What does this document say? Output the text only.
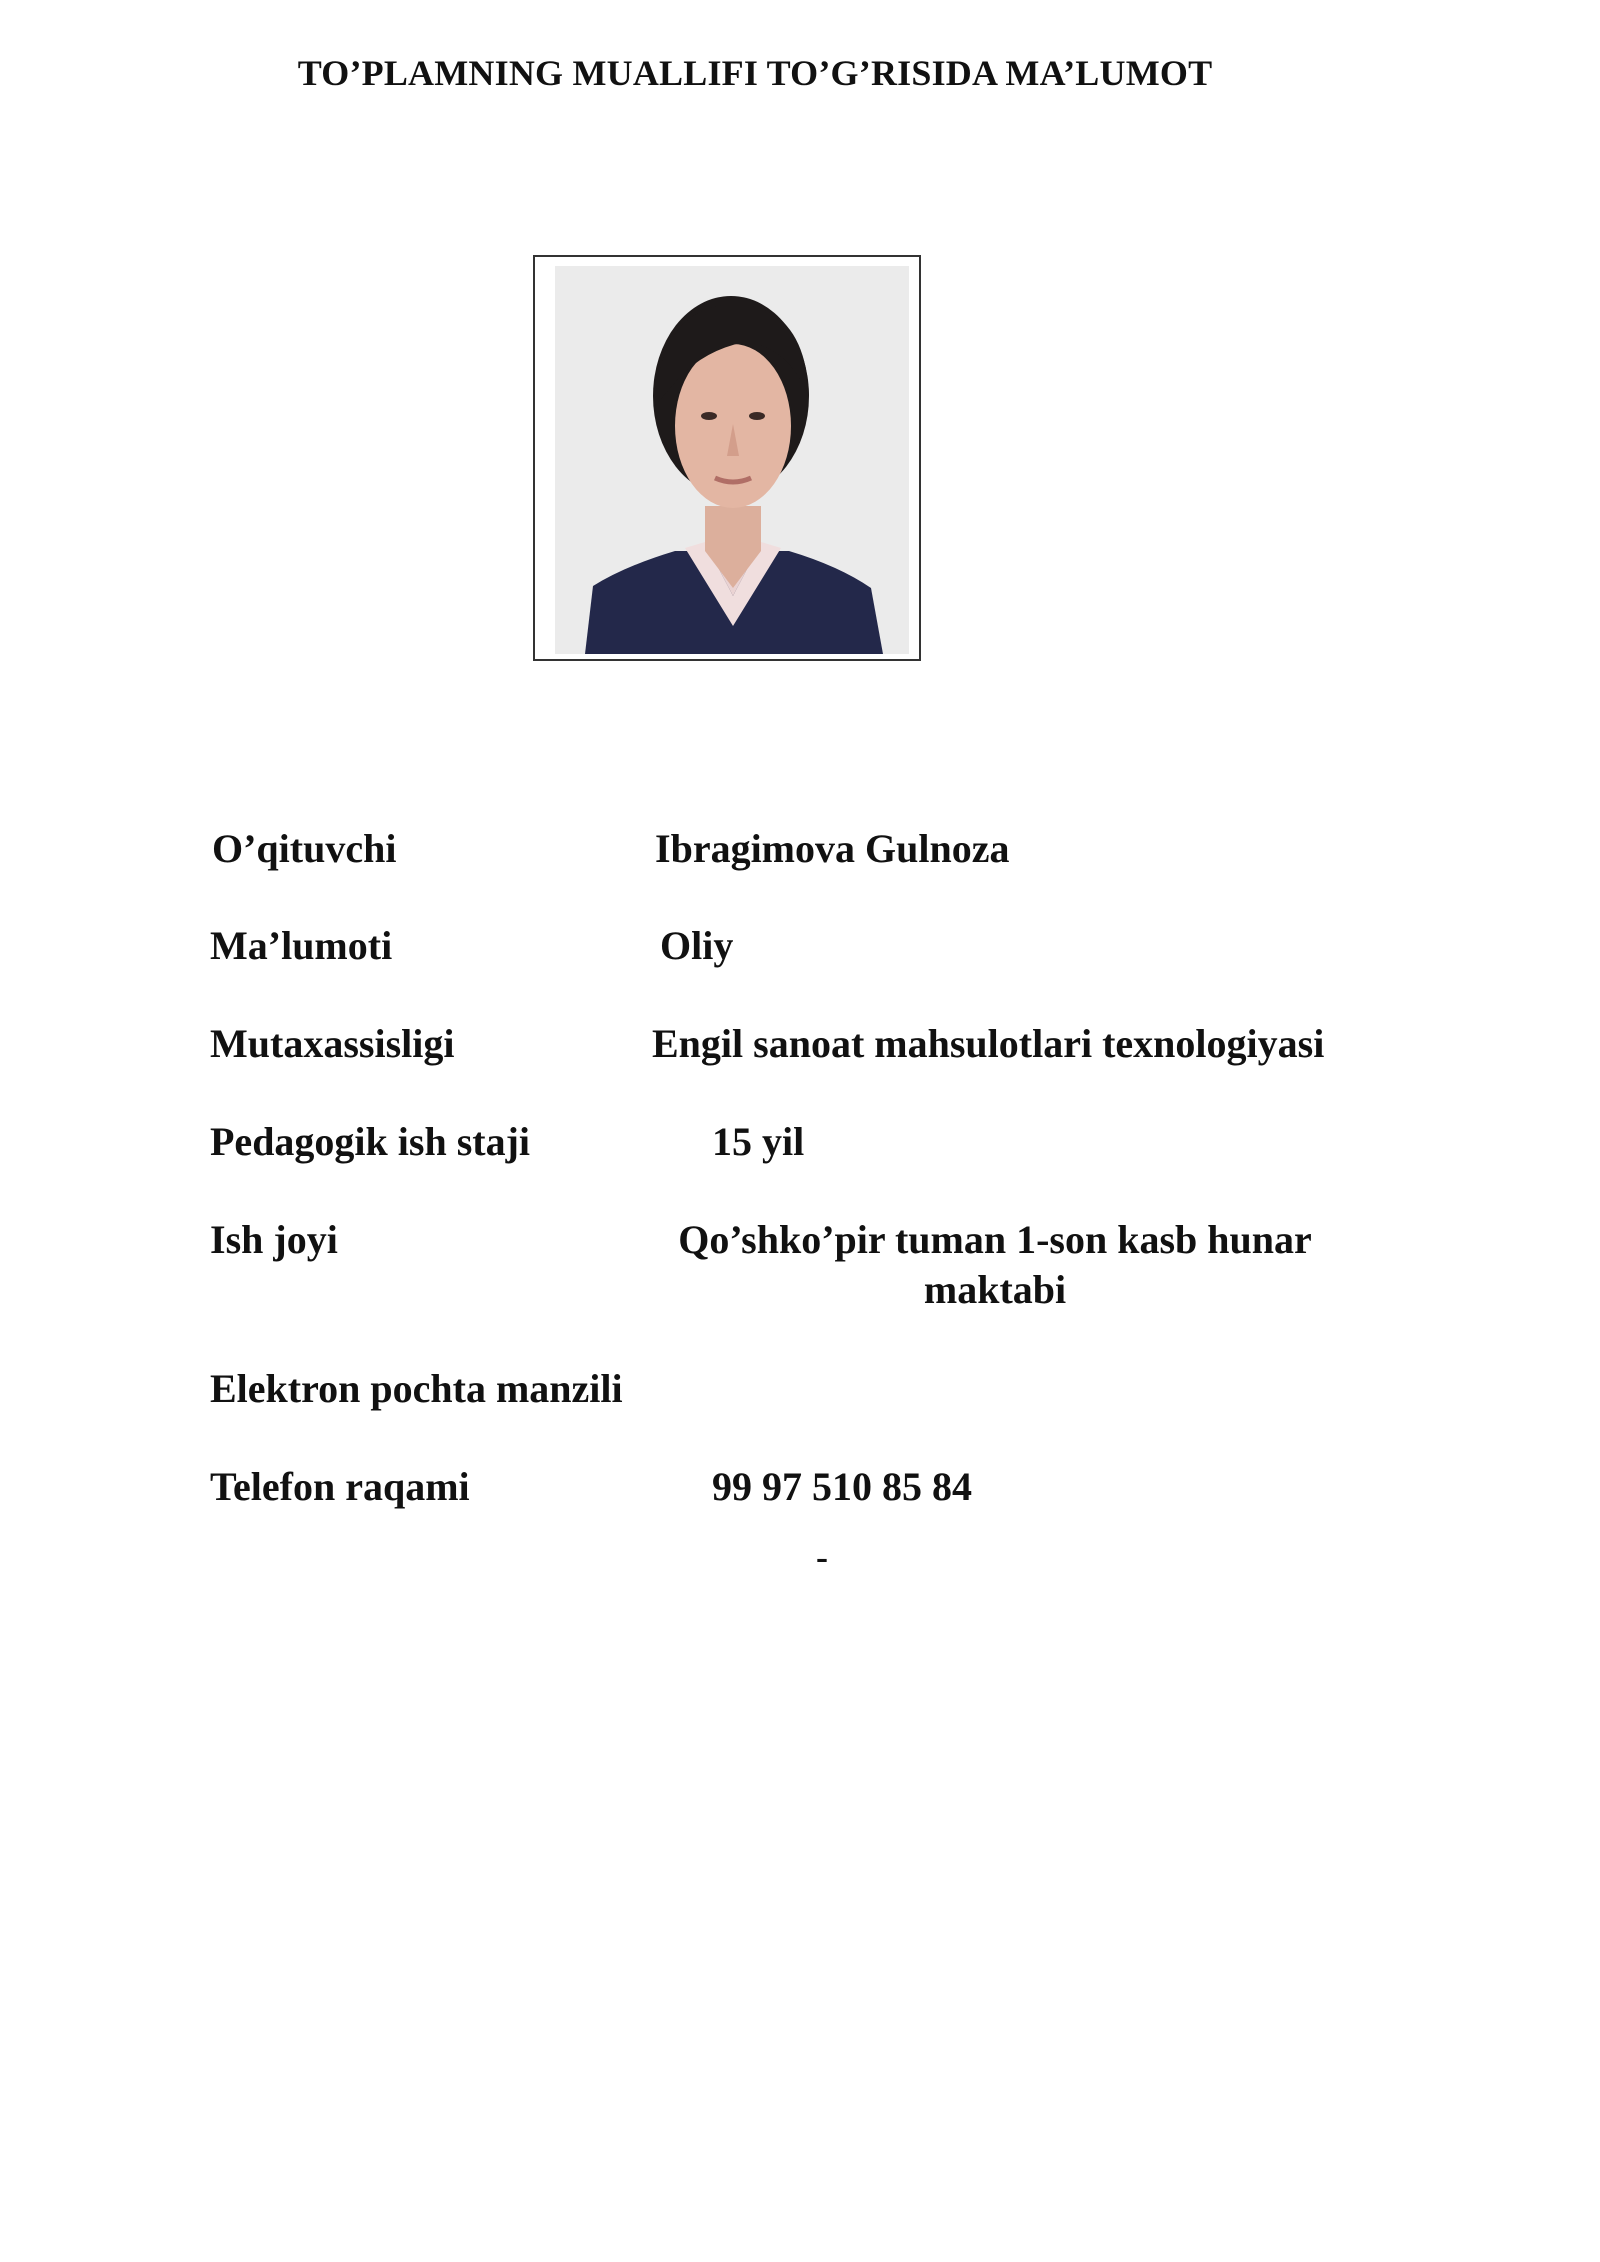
TO’PLAMNING MUALLIFI TO’G’RISIDA MA’LUMOT
O’qituvchi	Ibragimova Gulnoza
Ma’lumoti	Oliy
Mutaxassisligi	Engil sanoat mahsulotlari texnologiyasi
Pedagogik ish staji	15 yil
Ish joyi	Qo’shko’pir tuman 1-son kasb hunar maktabi
Elektron pochta manzili
Telefon raqami	99 97 510 85 84
-
